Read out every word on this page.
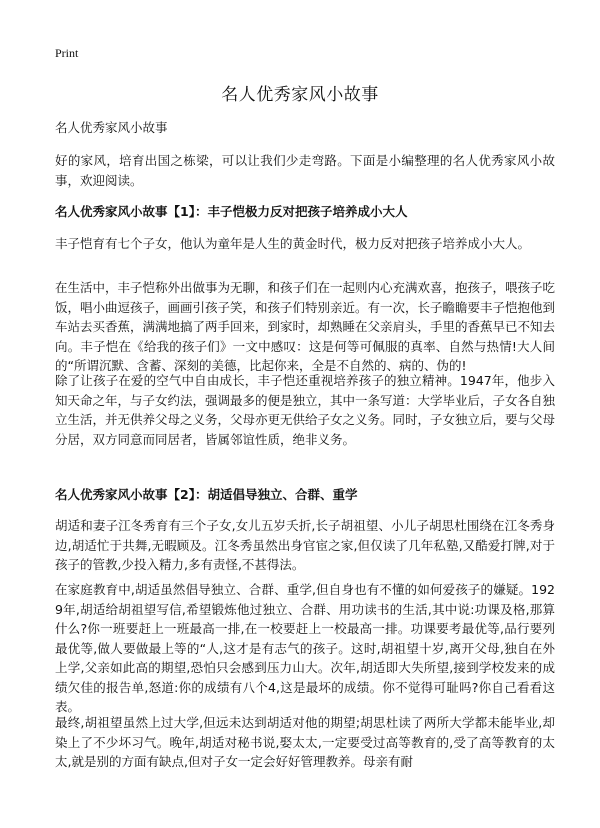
Print
名人优秀家风小故事
名人优秀家风小故事
好的家风，培育出国之栋梁，可以让我们少走弯路。下面是小编整理的名人优秀家风小故事，欢迎阅读。
名人优秀家风小故事【1】：丰子恺极力反对把孩子培养成小大人
丰子恺育有七个子女，他认为童年是人生的黄金时代，极力反对把孩子培养成小大人。
在生活中，丰子恺称外出做事为无聊，和孩子们在一起则内心充满欢喜，抱孩子，喂孩子吃饭，唱小曲逗孩子，画画引孩子笑，和孩子们特别亲近。有一次，长子瞻瞻要丰子恺抱他到车站去买香蕉，满满地搞了两手回来，到家时，却熟睡在父亲肩头，手里的香蕉早已不知去向。丰子恺在《给我的孩子们》一文中感叹：这是何等可佩服的真率、自然与热情!大人间的“所谓沉默、含蓄、深刻的美德，比起你来，全是不自然的、病的、伪的!
除了让孩子在爱的空气中自由成长，丰子恺还重视培养孩子的独立精神。1947年，他步入知天命之年，与子女约法，强调最多的便是独立，其中一条写道：大学毕业后，子女各自独立生活，并无供养父母之义务，父母亦更无供给子女之义务。同时，子女独立后，要与父母分居，双方同意而同居者，皆属邻谊性质，绝非义务。
名人优秀家风小故事【2】：胡适倡导独立、合群、重学
胡适和妻子江冬秀育有三个子女,女儿五岁夭折,长子胡祖望、小儿子胡思杜围绕在江冬秀身边,胡适忙于共舞,无暇顾及。江冬秀虽然出身官宦之家,但仅读了几年私塾,又酷爱打牌,对于孩子的管教,少投入精力,多有责怪,不甚得法。
在家庭教育中,胡适虽然倡导独立、合群、重学,但自身也有不懂的如何爱孩子的嫌疑。1929年,胡适给胡祖望写信,希望锻炼他过独立、合群、用功读书的生活,其中说:功课及格,那算什么?你一班要赶上一班最高一排,在一校要赶上一校最高一排。功课要考最优等,品行要列最优等,做人要做最上等的“人,这才是有志气的孩子。这时,胡祖望十岁,离开父母,独自在外上学,父亲如此高的期望,恐怕只会感到压力山大。次年,胡适即大失所望,接到学校发来的成绩欠佳的报告单,怒道:你的成绩有八个4,这是最坏的成绩。你不觉得可耻吗?你自己看看这表。
最终,胡祖望虽然上过大学,但远未达到胡适对他的期望;胡思杜读了两所大学都未能毕业,却染上了不少坏习气。晚年,胡适对秘书说,娶太太,一定要受过高等教育的,受了高等教育的太太,就是别的方面有缺点,但对子女一定会好好管理教养。母亲有耐
